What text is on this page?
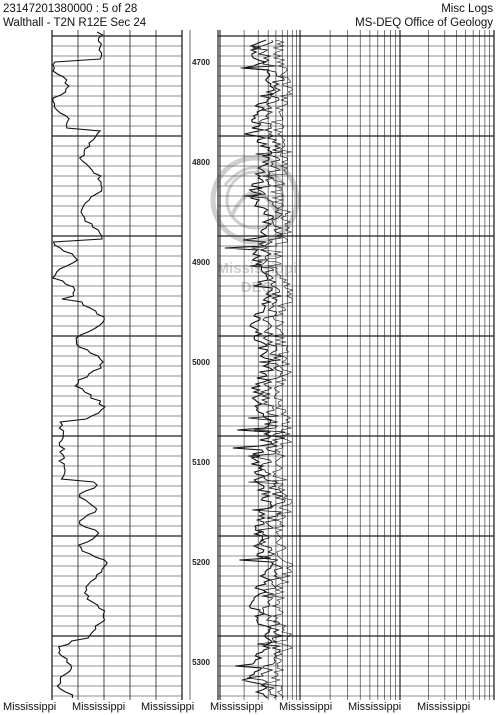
23147201380000 : 5 of 28
Walthall - T2N R12E Sec 24
Misc Logs
MS-DEQ Office of Geology
Mississippi
DEQ
4700
4800
4900
5000
5100
5200
5300
Mississippi Mississippi Mississippi Mississippi Mississippi Mississippi Mississippi
